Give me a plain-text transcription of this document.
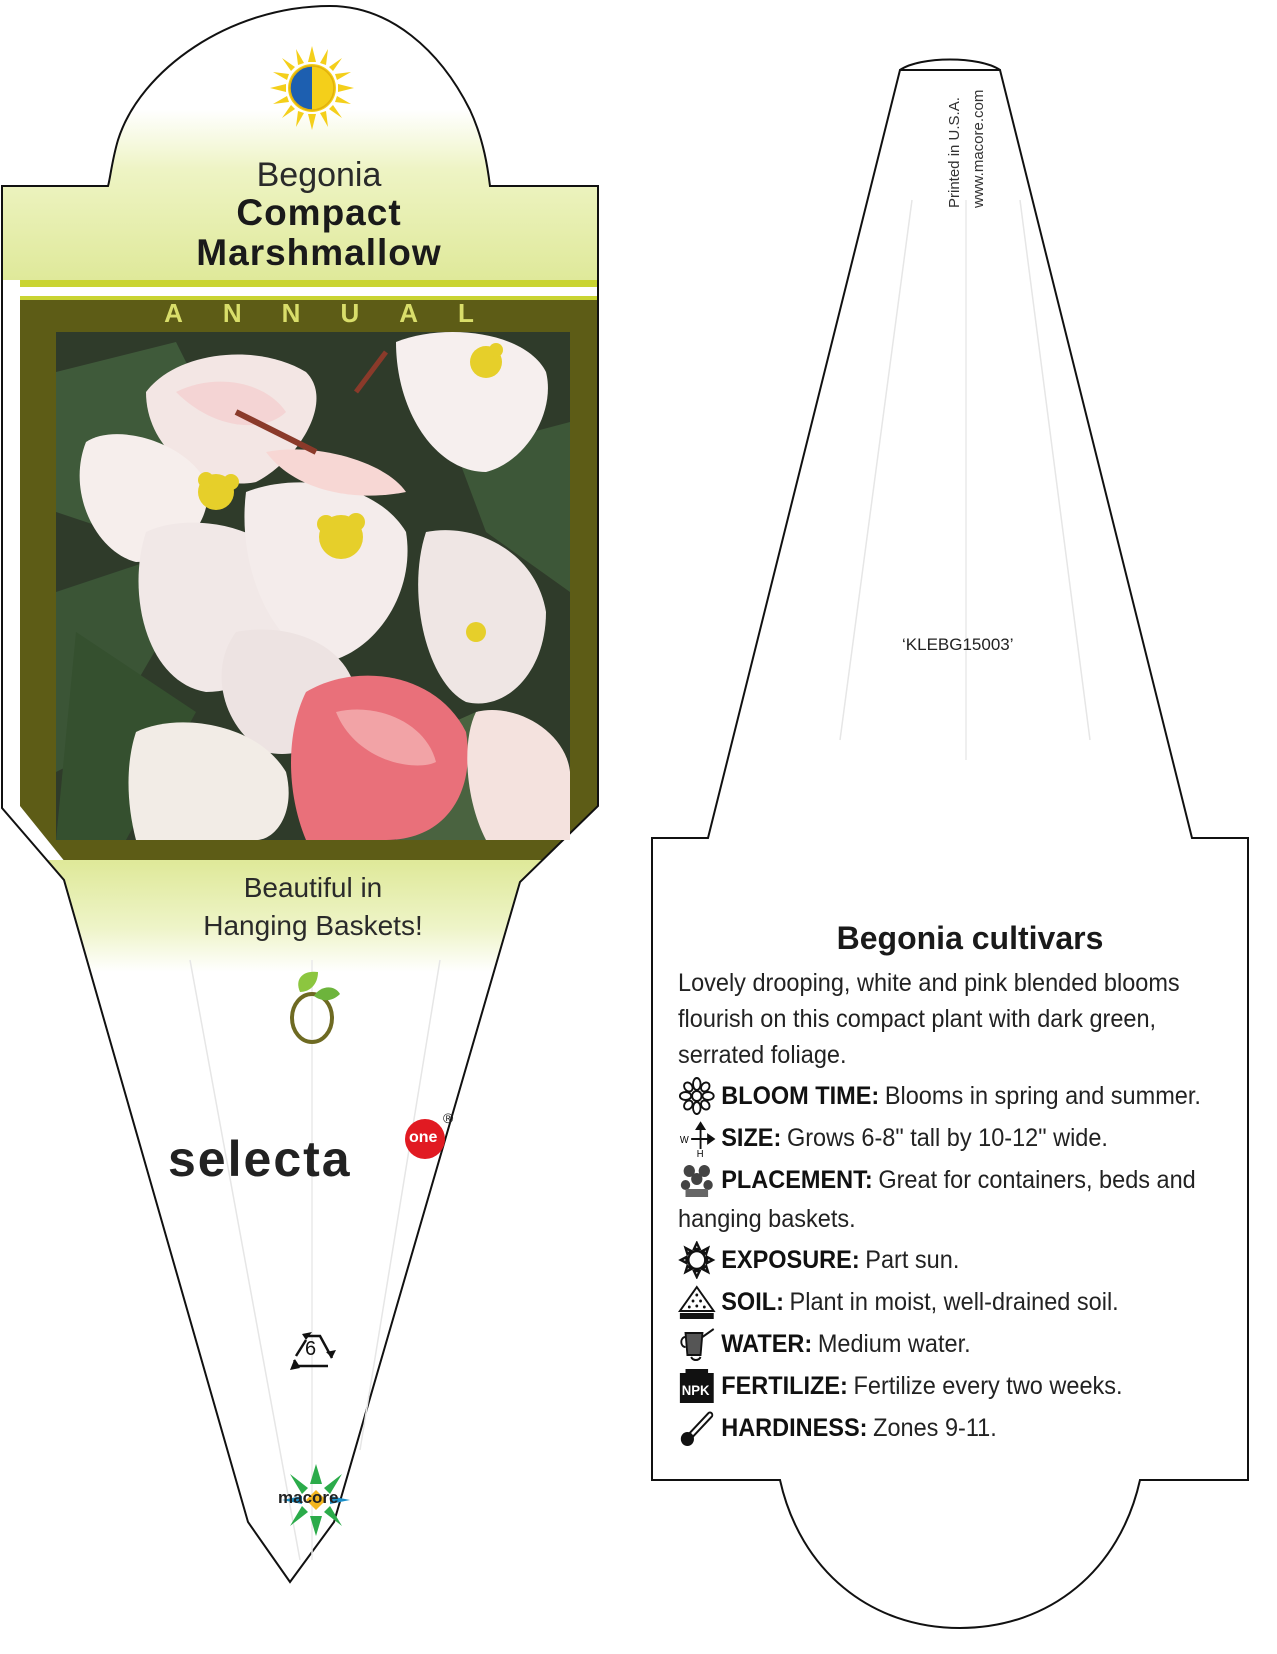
Begonia
Compact
Marshmallow
ANNUAL
Beautiful in
Hanging Baskets!
selecta	one
®
6
macore
Printed in U.S.A. www.macore.com
‘KLEBG15003’
Begonia cultivars

Lovely drooping, white and pink blended blooms flourish on this compact plant with dark green, serrated foliage.

BLOOM TIME: Blooms in spring and summer.
W
H
SIZE: Grows 6-8" tall by 10-12" wide.
PLACEMENT: Great for containers, beds and
hanging baskets.
EXPOSURE: Part sun.
SOIL: Plant in moist, well-drained soil.
WATER: Medium water.
NPK FERTILIZE: Fertilize every two weeks.
HARDINESS: Zones 9-11.
